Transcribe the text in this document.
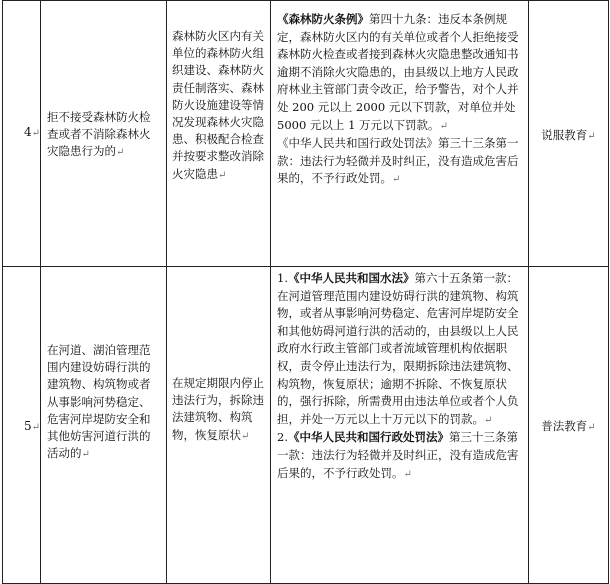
4↵
拒不接受森林防火检查或者不消除森林火灾隐患行为的↵
森林防火区内有关单位的森林防火组织建设、森林防火责任制落实、森林防火设施建设等情况发现森林火灾隐患、积极配合检查并按要求整改消除火灾隐患↵
《森林防火条例》第四十九条：违反本条例规定，森林防火区内的有关单位或者个人拒绝接受森林防火检查或者接到森林火灾隐患整改通知书逾期不消除火灾隐患的，由县级以上地方人民政府林业主管部门责令改正，给予警告，对个人并处 200 元以上 2000 元以下罚款，对单位并处 5000 元以上 1 万元以下罚款。↵
《中华人民共和国行政处罚法》第三十三条第一款：违法行为轻微并及时纠正，没有造成危害后果的，不予行政处罚。↵
说服教育↵
5↵
在河道、湖泊管理范围内建设妨碍行洪的建筑物、构筑物或者从事影响河势稳定、危害河岸堤防安全和其他妨害河道行洪的活动的↵
在规定期限内停止违法行为，拆除违法建筑物、构筑物，恢复原状↵
1.《中华人民共和国水法》第六十五条第一款：在河道管理范围内建设妨碍行洪的建筑物、构筑物，或者从事影响河势稳定、危害河岸堤防安全和其他妨碍河道行洪的活动的，由县级以上人民政府水行政主管部门或者流域管理机构依据职权，责令停止违法行为，限期拆除违法建筑物、构筑物，恢复原状；逾期不拆除、不恢复原状的，强行拆除，所需费用由违法单位或者个人负担，并处一万元以上十万元以下的罚款。↵
2.《中华人民共和国行政处罚法》第三十三条第一款：违法行为轻微并及时纠正，没有造成危害后果的，不予行政处罚。↵
普法教育↵
